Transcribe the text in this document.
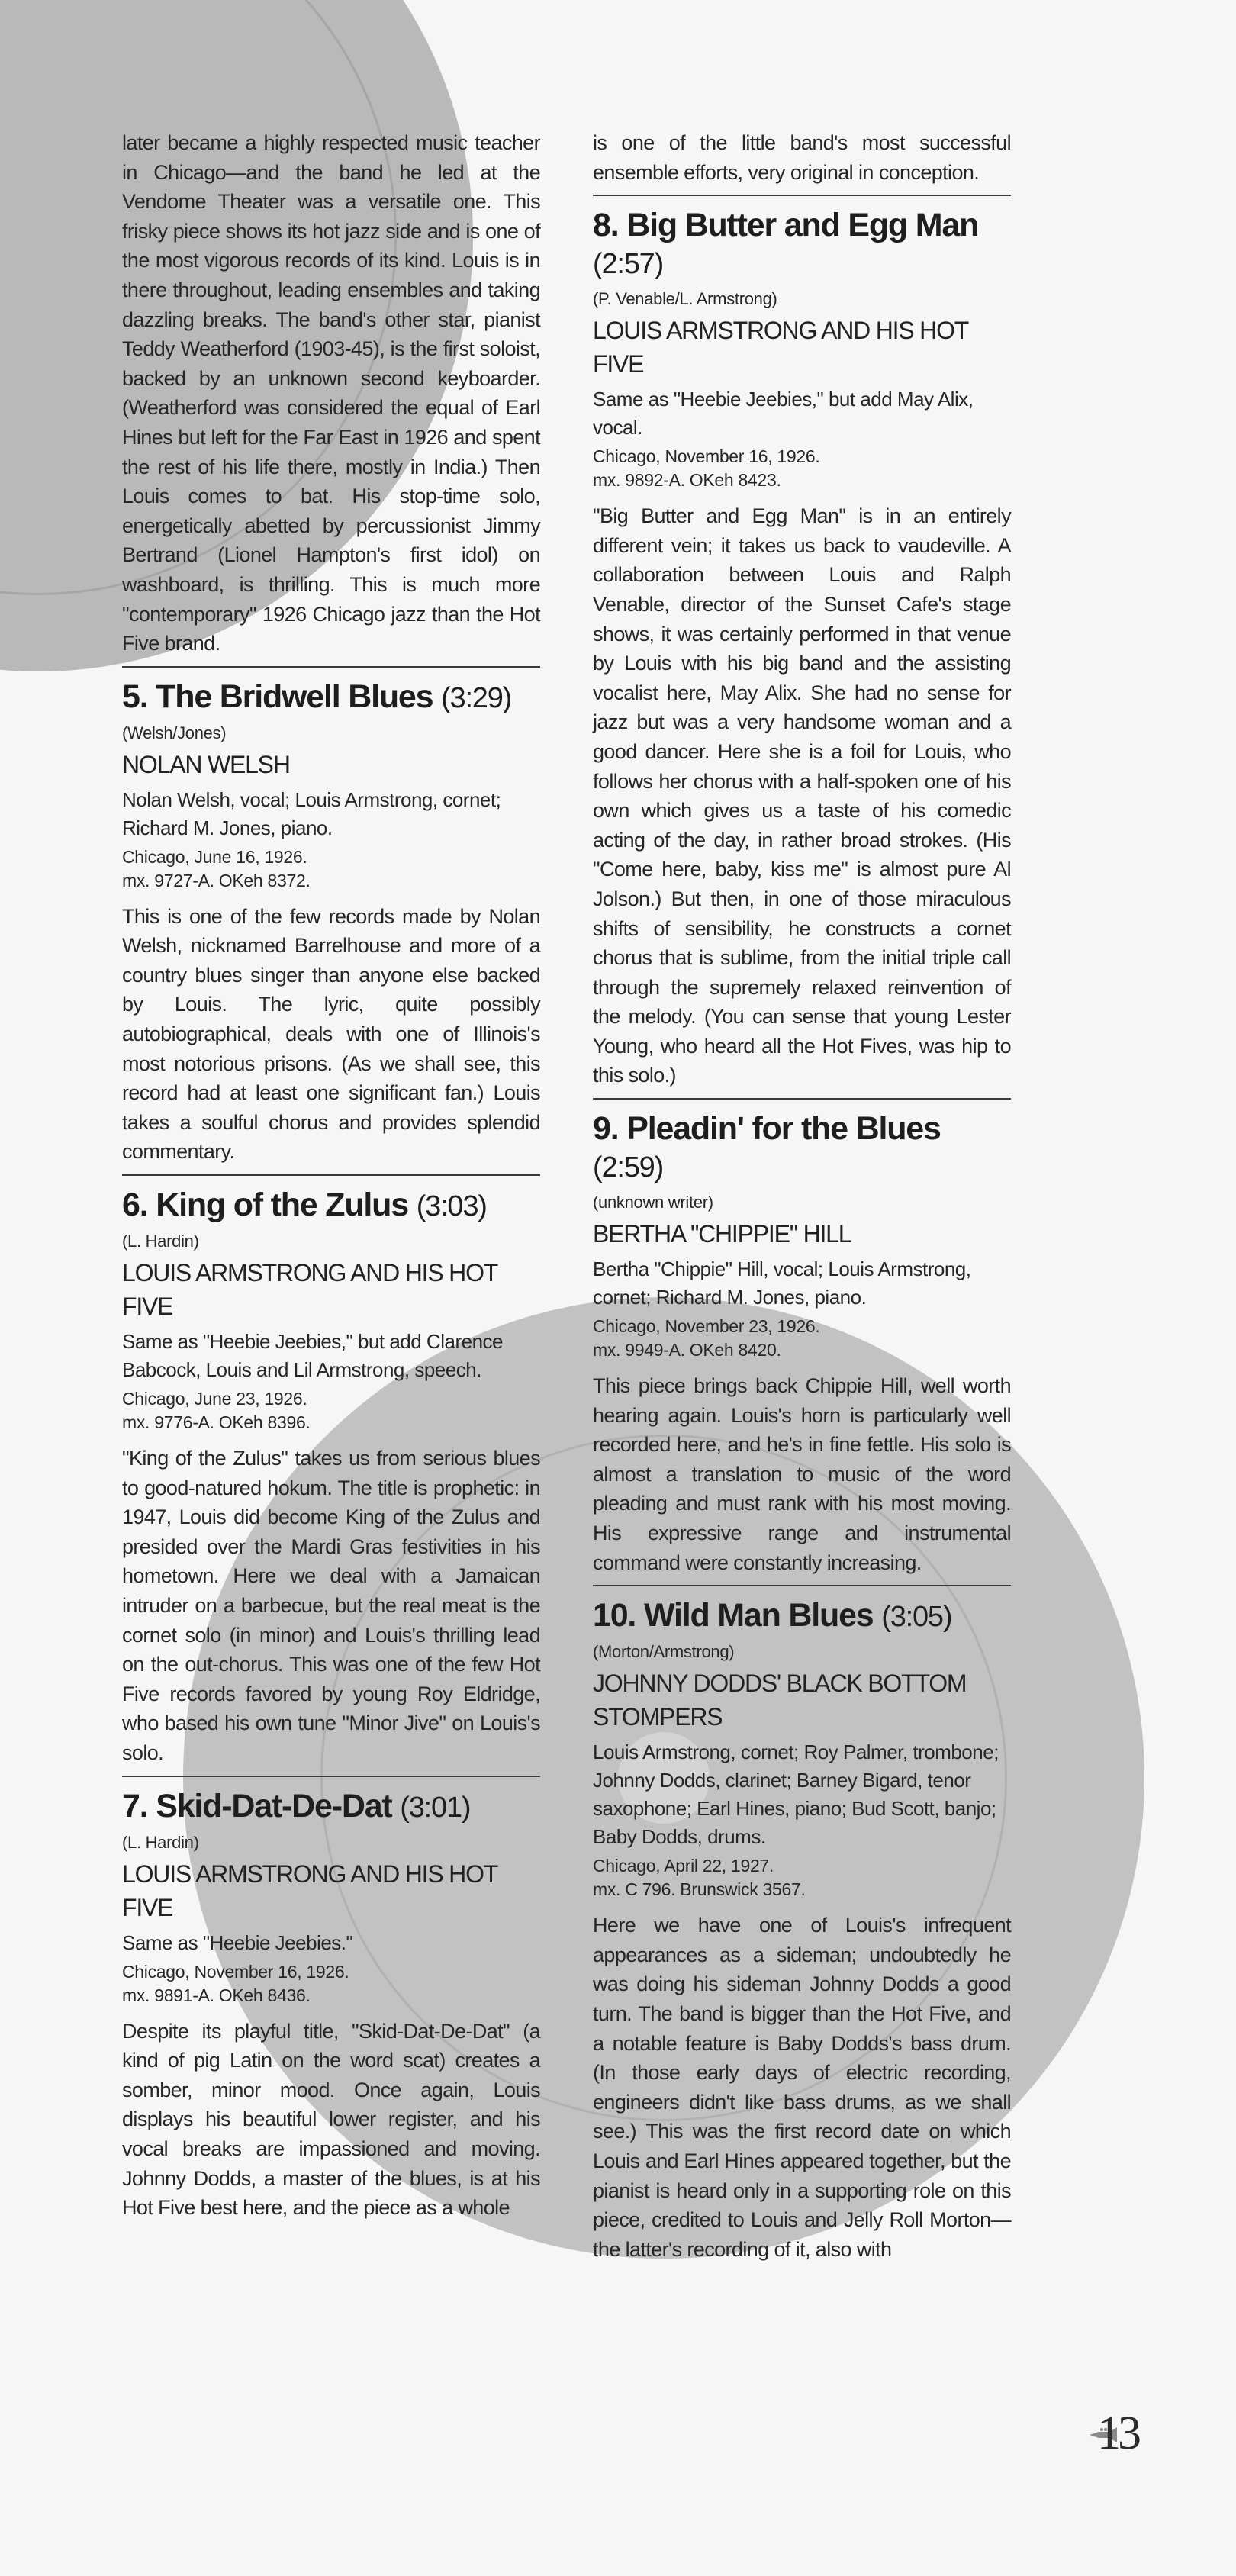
later became a highly respected music teacher in Chicago—and the band he led at the Vendome Theater was a versatile one. This frisky piece shows its hot jazz side and is one of the most vigorous records of its kind. Louis is in there throughout, leading ensembles and taking dazzling breaks. The band's other star, pianist Teddy Weatherford (1903-45), is the first soloist, backed by an unknown second keyboarder. (Weatherford was considered the equal of Earl Hines but left for the Far East in 1926 and spent the rest of his life there, mostly in India.) Then Louis comes to bat. His stop-time solo, energetically abetted by percussionist Jimmy Bertrand (Lionel Hampton's first idol) on washboard, is thrilling. This is much more "contemporary" 1926 Chicago jazz than the Hot Five brand.

5. The Bridwell Blues (3:29)

(Welsh/Jones)

NOLAN WELSH

Nolan Welsh, vocal; Louis Armstrong, cornet; Richard M. Jones, piano.

Chicago, June 16, 1926.

mx. 9727-A. OKeh 8372.

This is one of the few records made by Nolan Welsh, nicknamed Barrelhouse and more of a country blues singer than anyone else backed by Louis. The lyric, quite possibly autobiographical, deals with one of Illinois's most notorious prisons. (As we shall see, this record had at least one significant fan.) Louis takes a soulful chorus and provides splendid commentary.

6. King of the Zulus (3:03)

(L. Hardin)

LOUIS ARMSTRONG AND HIS HOT FIVE

Same as "Heebie Jeebies," but add Clarence Babcock, Louis and Lil Armstrong, speech.

Chicago, June 23, 1926.

mx. 9776-A. OKeh 8396.

"King of the Zulus" takes us from serious blues to good-natured hokum. The title is prophetic: in 1947, Louis did become King of the Zulus and presided over the Mardi Gras festivities in his hometown. Here we deal with a Jamaican intruder on a barbecue, but the real meat is the cornet solo (in minor) and Louis's thrilling lead on the out-chorus. This was one of the few Hot Five records favored by young Roy Eldridge, who based his own tune "Minor Jive" on Louis's solo.

7. Skid-Dat-De-Dat (3:01)

(L. Hardin)

LOUIS ARMSTRONG AND HIS HOT FIVE

Same as "Heebie Jeebies."

Chicago, November 16, 1926.

mx. 9891-A. OKeh 8436.

Despite its playful title, "Skid-Dat-De-Dat" (a kind of pig Latin on the word scat) creates a somber, minor mood. Once again, Louis displays his beautiful lower register, and his vocal breaks are impassioned and moving. Johnny Dodds, a master of the blues, is at his Hot Five best here, and the piece as a whole

is one of the little band's most successful ensemble efforts, very original in conception.

8. Big Butter and Egg Man (2:57)

(P. Venable/L. Armstrong)

LOUIS ARMSTRONG AND HIS HOT FIVE

Same as "Heebie Jeebies," but add May Alix, vocal.

Chicago, November 16, 1926.

mx. 9892-A. OKeh 8423.

"Big Butter and Egg Man" is in an entirely different vein; it takes us back to vaudeville. A collaboration between Louis and Ralph Venable, director of the Sunset Cafe's stage shows, it was certainly performed in that venue by Louis with his big band and the assisting vocalist here, May Alix. She had no sense for jazz but was a very handsome woman and a good dancer. Here she is a foil for Louis, who follows her chorus with a half-spoken one of his own which gives us a taste of his comedic acting of the day, in rather broad strokes. (His "Come here, baby, kiss me" is almost pure Al Jolson.) But then, in one of those miraculous shifts of sensibility, he constructs a cornet chorus that is sublime, from the initial triple call through the supremely relaxed reinvention of the melody. (You can sense that young Lester Young, who heard all the Hot Fives, was hip to this solo.)

9. Pleadin' for the Blues (2:59)

(unknown writer)

BERTHA "CHIPPIE" HILL

Bertha "Chippie" Hill, vocal; Louis Armstrong, cornet; Richard M. Jones, piano.

Chicago, November 23, 1926.

mx. 9949-A. OKeh 8420.

This piece brings back Chippie Hill, well worth hearing again. Louis's horn is particularly well recorded here, and he's in fine fettle. His solo is almost a translation to music of the word pleading and must rank with his most moving. His expressive range and instrumental command were constantly increasing.

10. Wild Man Blues (3:05)

(Morton/Armstrong)

JOHNNY DODDS' BLACK BOTTOM STOMPERS

Louis Armstrong, cornet; Roy Palmer, trombone; Johnny Dodds, clarinet; Barney Bigard, tenor saxophone; Earl Hines, piano; Bud Scott, banjo; Baby Dodds, drums.

Chicago, April 22, 1927.

mx. C 796. Brunswick 3567.

Here we have one of Louis's infrequent appearances as a sideman; undoubtedly he was doing his sideman Johnny Dodds a good turn. The band is bigger than the Hot Five, and a notable feature is Baby Dodds's bass drum. (In those early days of electric recording, engineers didn't like bass drums, as we shall see.) This was the first record date on which Louis and Earl Hines appeared together, but the pianist is heard only in a supporting role on this piece, credited to Louis and Jelly Roll Morton—the latter's recording of it, also with

13
